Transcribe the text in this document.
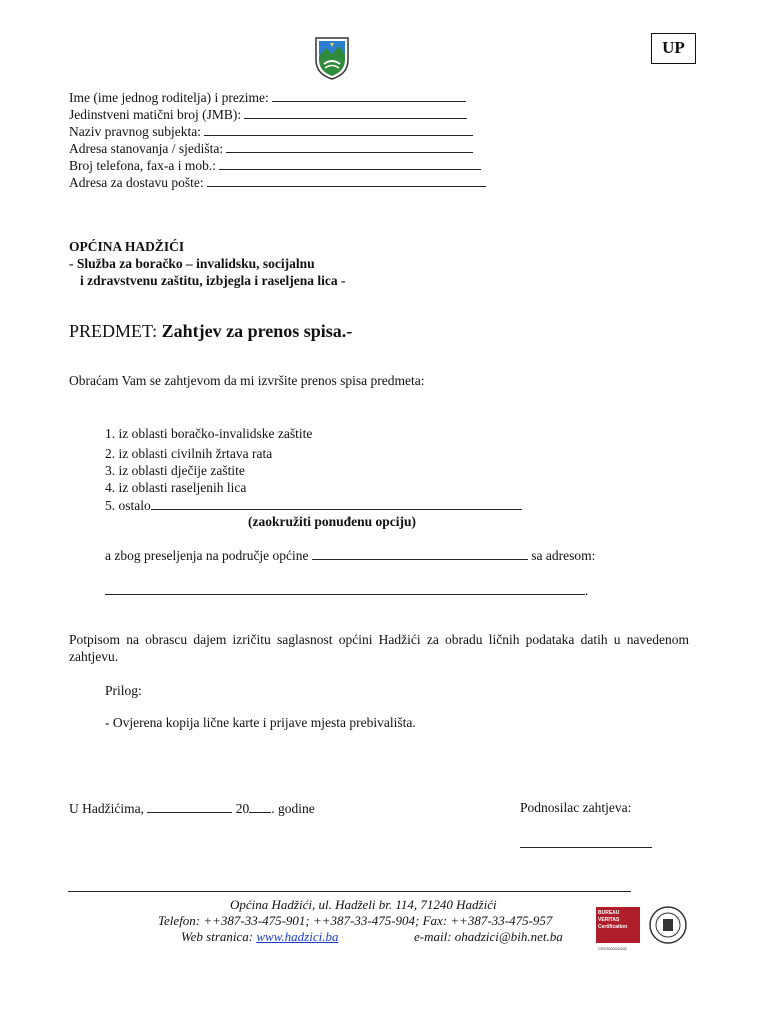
UP
Ime (ime jednog roditelja) i prezime:
Jedinstveni matični broj (JMB):
Naziv pravnog subjekta:
Adresa stanovanja / sjedišta:
Broj telefona, fax-a i mob.:
Adresa za dostavu pošte:
OPĆINA HADŽIĆI
- Služba za boračko – invalidsku, socijalnu
i zdravstvenu zaštitu, izbjegla i raseljena lica -
PREDMET: Zahtjev za prenos spisa.-
Obraćam Vam se zahtjevom da mi izvršite prenos spisa predmeta:
1. iz oblasti boračko-invalidske zaštite
2. iz oblasti civilnih žrtava rata
3. iz oblasti dječije zaštite
4. iz oblasti raseljenih lica
5. ostalo
(zaokružiti ponuđenu opciju)
a zbog preseljenja na područje općine	sa adresom:
.
Potpisom na obrascu dajem izričitu saglasnost općini Hadžići za obradu ličnih podataka datih u navedenom zahtjevu.
Prilog:
- Ovjerena kopija lične karte i prijave mjesta prebivališta.
U Hadžićima,	20 . godine	Podnosilac zahtjeva:
Općina Hadžići, ul. Hadželi br. 114, 71240 Hadžići
Telefon: ++387-33-475-901; ++387-33-475-904; Fax: ++387-33-475-957
Web stranica: www.hadzici.ba	e-mail: ohadzici@bih.net.ba
BUREAU
VERITAS
Certification
CRO/2000/2002
